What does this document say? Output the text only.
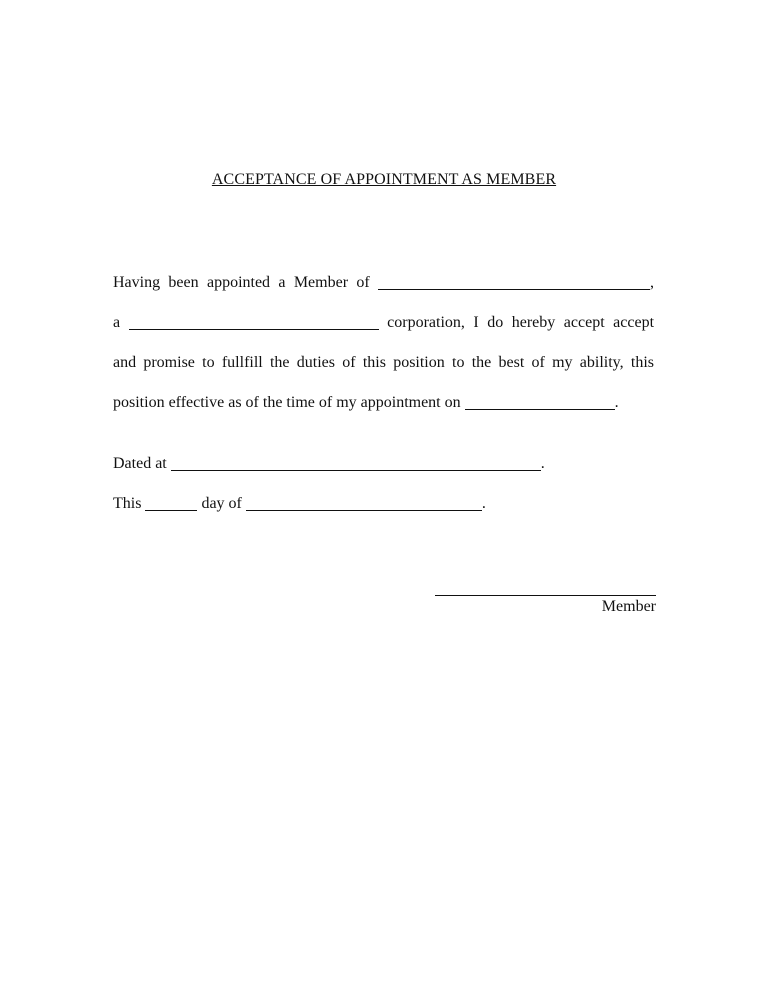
ACCEPTANCE OF APPOINTMENT AS MEMBER
Having been appointed a Member of	,
a	corporation, I do hereby accept accept
and promise to fullfill the duties of this position to the best of my ability, this
position effective as of the time of my appointment on	.
Dated at	.
This	day of	.
Member
